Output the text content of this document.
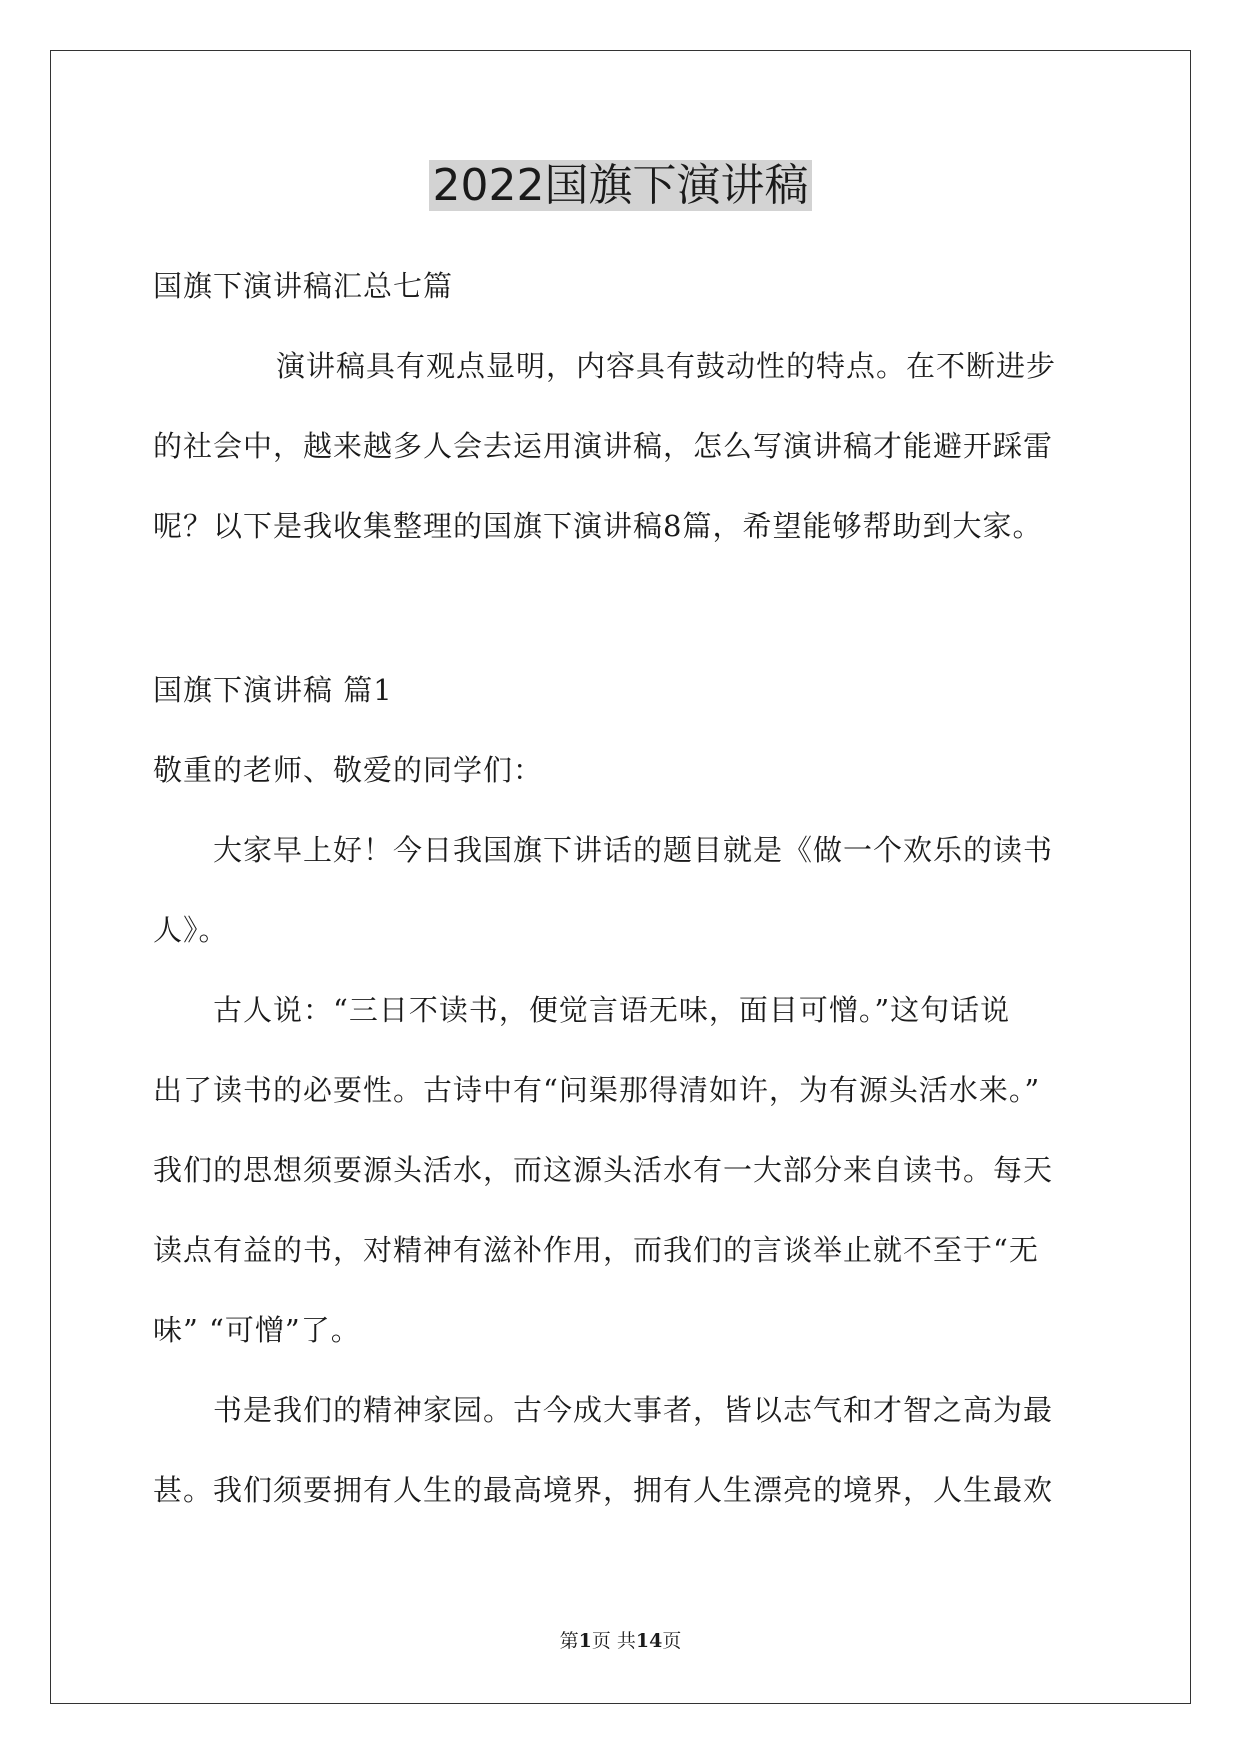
2022国旗下演讲稿
国旗下演讲稿汇总七篇
演讲稿具有观点显明，内容具有鼓动性的特点。在不断进步
的社会中，越来越多人会去运用演讲稿，怎么写演讲稿才能避开踩雷
呢？以下是我收集整理的国旗下演讲稿8篇，希望能够帮助到大家。
国旗下演讲稿 篇1
敬重的老师、敬爱的同学们：
大家早上好！今日我国旗下讲话的题目就是《做一个欢乐的读书
人》。
古人说：“三日不读书，便觉言语无味，面目可憎。”这句话说
出了读书的必要性。古诗中有“问渠那得清如许，为有源头活水来。”
我们的思想须要源头活水，而这源头活水有一大部分来自读书。每天
读点有益的书，对精神有滋补作用，而我们的言谈举止就不至于“无
味” “可憎”了。
书是我们的精神家园。古今成大事者，皆以志气和才智之高为最
甚。我们须要拥有人生的最高境界，拥有人生漂亮的境界，人生最欢
第1页 共14页
